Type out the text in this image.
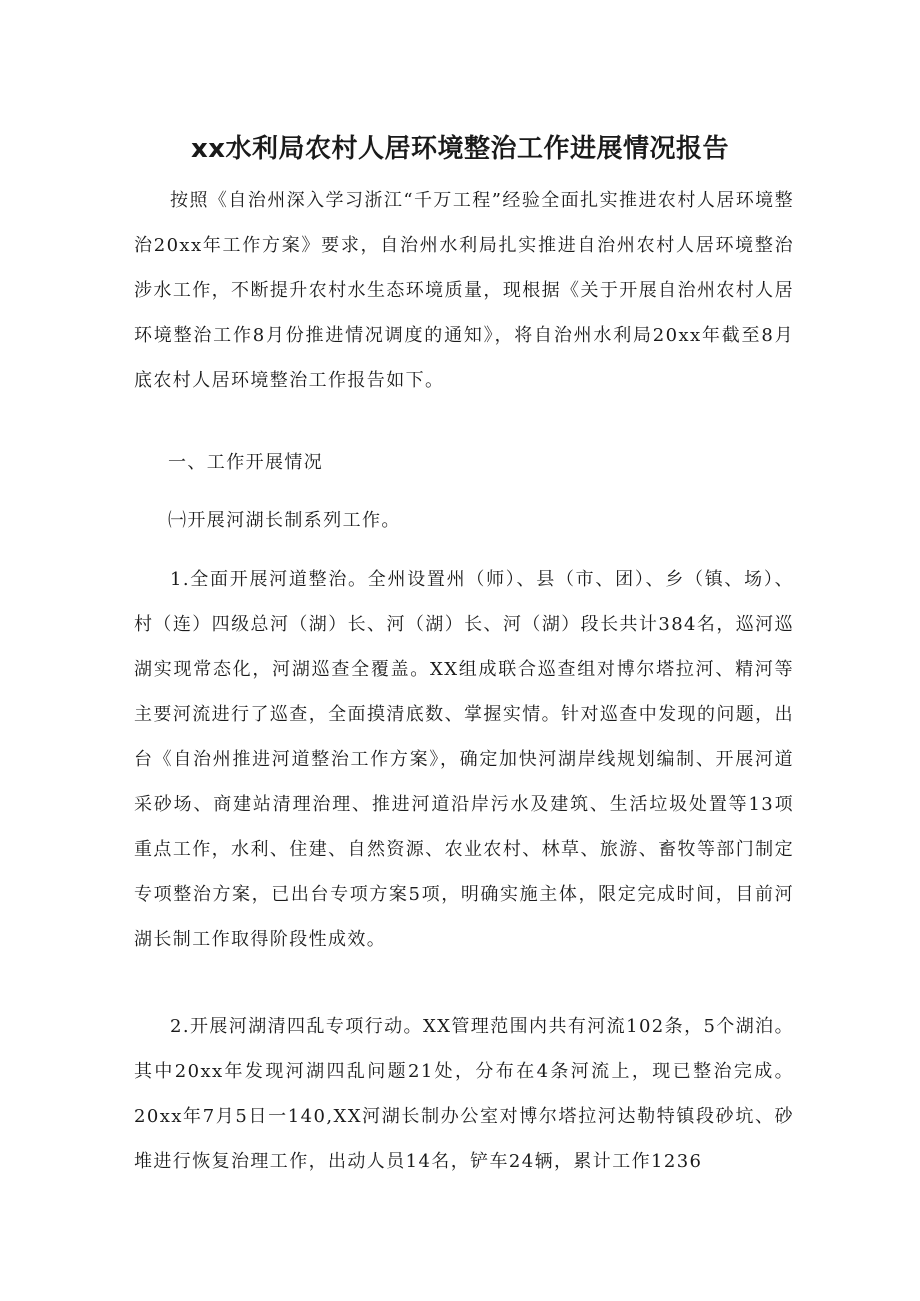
xx水利局农村人居环境整治工作进展情况报告

按照《自治州深入学习浙江“千万工程”经验全面扎实推进农村人居环境整治20xx年工作方案》要求，自治州水利局扎实推进自治州农村人居环境整治涉水工作，不断提升农村水生态环境质量，现根据《关于开展自治州农村人居环境整治工作8月份推进情况调度的通知》，将自治州水利局20xx年截至8月底农村人居环境整治工作报告如下。

一、工作开展情况

㈠开展河湖长制系列工作。

1.全面开展河道整治。全州设置州（师）、县（市、团）、乡（镇、场）、村（连）四级总河（湖）长、河（湖）长、河（湖）段长共计384名，巡河巡湖实现常态化，河湖巡查全覆盖。XX组成联合巡查组对博尔塔拉河、精河等主要河流进行了巡查，全面摸清底数、掌握实情。针对巡查中发现的问题，出台《自治州推进河道整治工作方案》，确定加快河湖岸线规划编制、开展河道采砂场、商建站清理治理、推进河道沿岸污水及建筑、生活垃圾处置等13项重点工作，水利、住建、自然资源、农业农村、林草、旅游、畜牧等部门制定专项整治方案，已出台专项方案5项，明确实施主体，限定完成时间，目前河湖长制工作取得阶段性成效。

2.开展河湖清四乱专项行动。XX管理范围内共有河流102条，5个湖泊。其中20xx年发现河湖四乱问题21处，分布在4条河流上，现已整治完成。20xx年7月5日一140,XX河湖长制办公室对博尔塔拉河达勒特镇段砂坑、砂堆进行恢复治理工作，出动人员14名，铲车24辆，累计工作1236
